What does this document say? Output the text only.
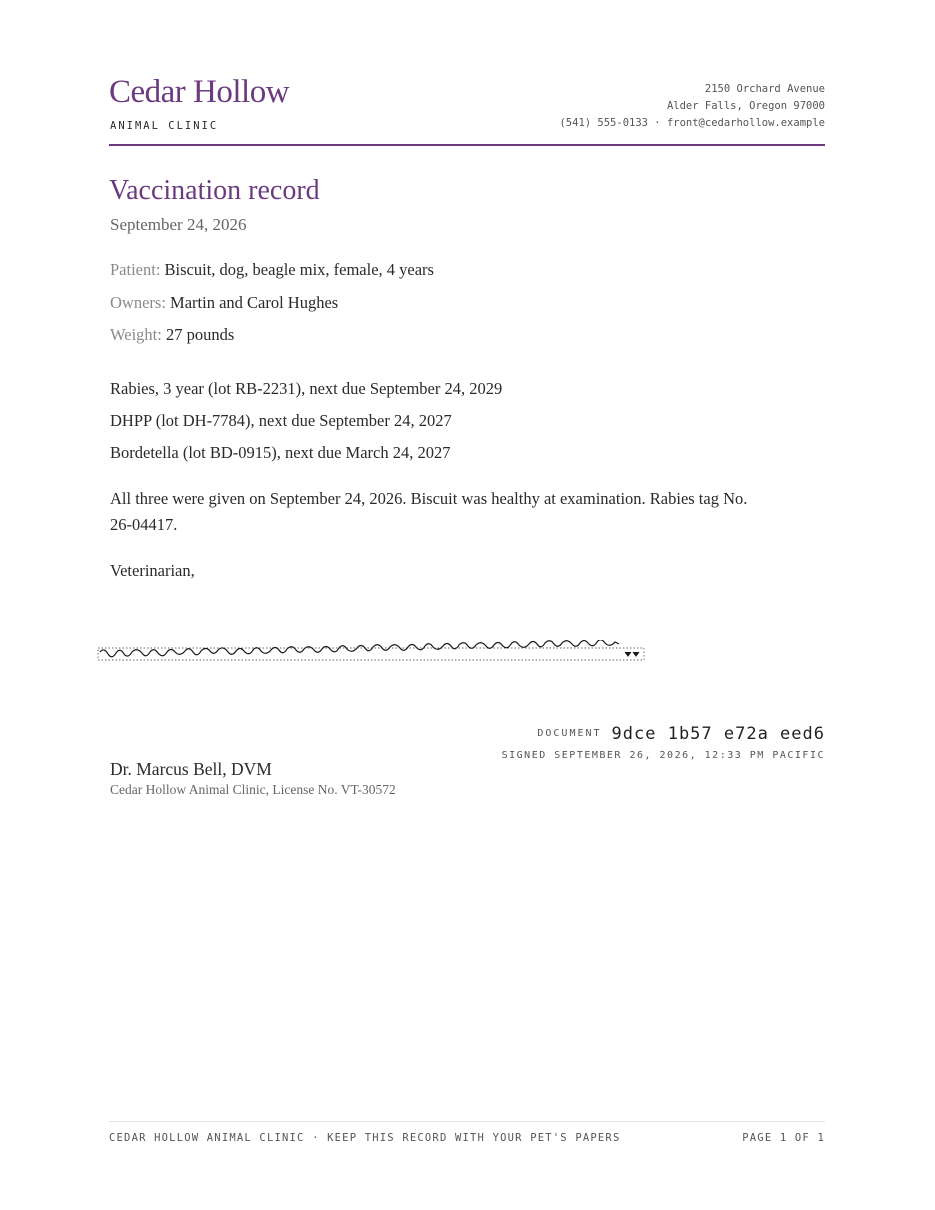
Cedar Hollow
ANIMAL CLINIC
2150 Orchard Avenue
Alder Falls, Oregon 97000
(541) 555-0133 · front@cedarhollow.example
Vaccination record
September 24, 2026
Patient: Biscuit, dog, beagle mix, female, 4 years
Owners: Martin and Carol Hughes
Weight: 27 pounds
Rabies, 3 year (lot RB-2231), next due September 24, 2029
DHPP (lot DH-7784), next due September 24, 2027
Bordetella (lot BD-0915), next due March 24, 2027
All three were given on September 24, 2026. Biscuit was healthy at examination. Rabies tag No. 26-04417.
Veterinarian,
DOCUMENT 9dce 1b57 e72a eed6
SIGNED SEPTEMBER 26, 2026, 12:33 PM PACIFIC
Dr. Marcus Bell, DVM
Cedar Hollow Animal Clinic, License No. VT-30572
CEDAR HOLLOW ANIMAL CLINIC · KEEP THIS RECORD WITH YOUR PET'S PAPERS	PAGE 1 OF 1
